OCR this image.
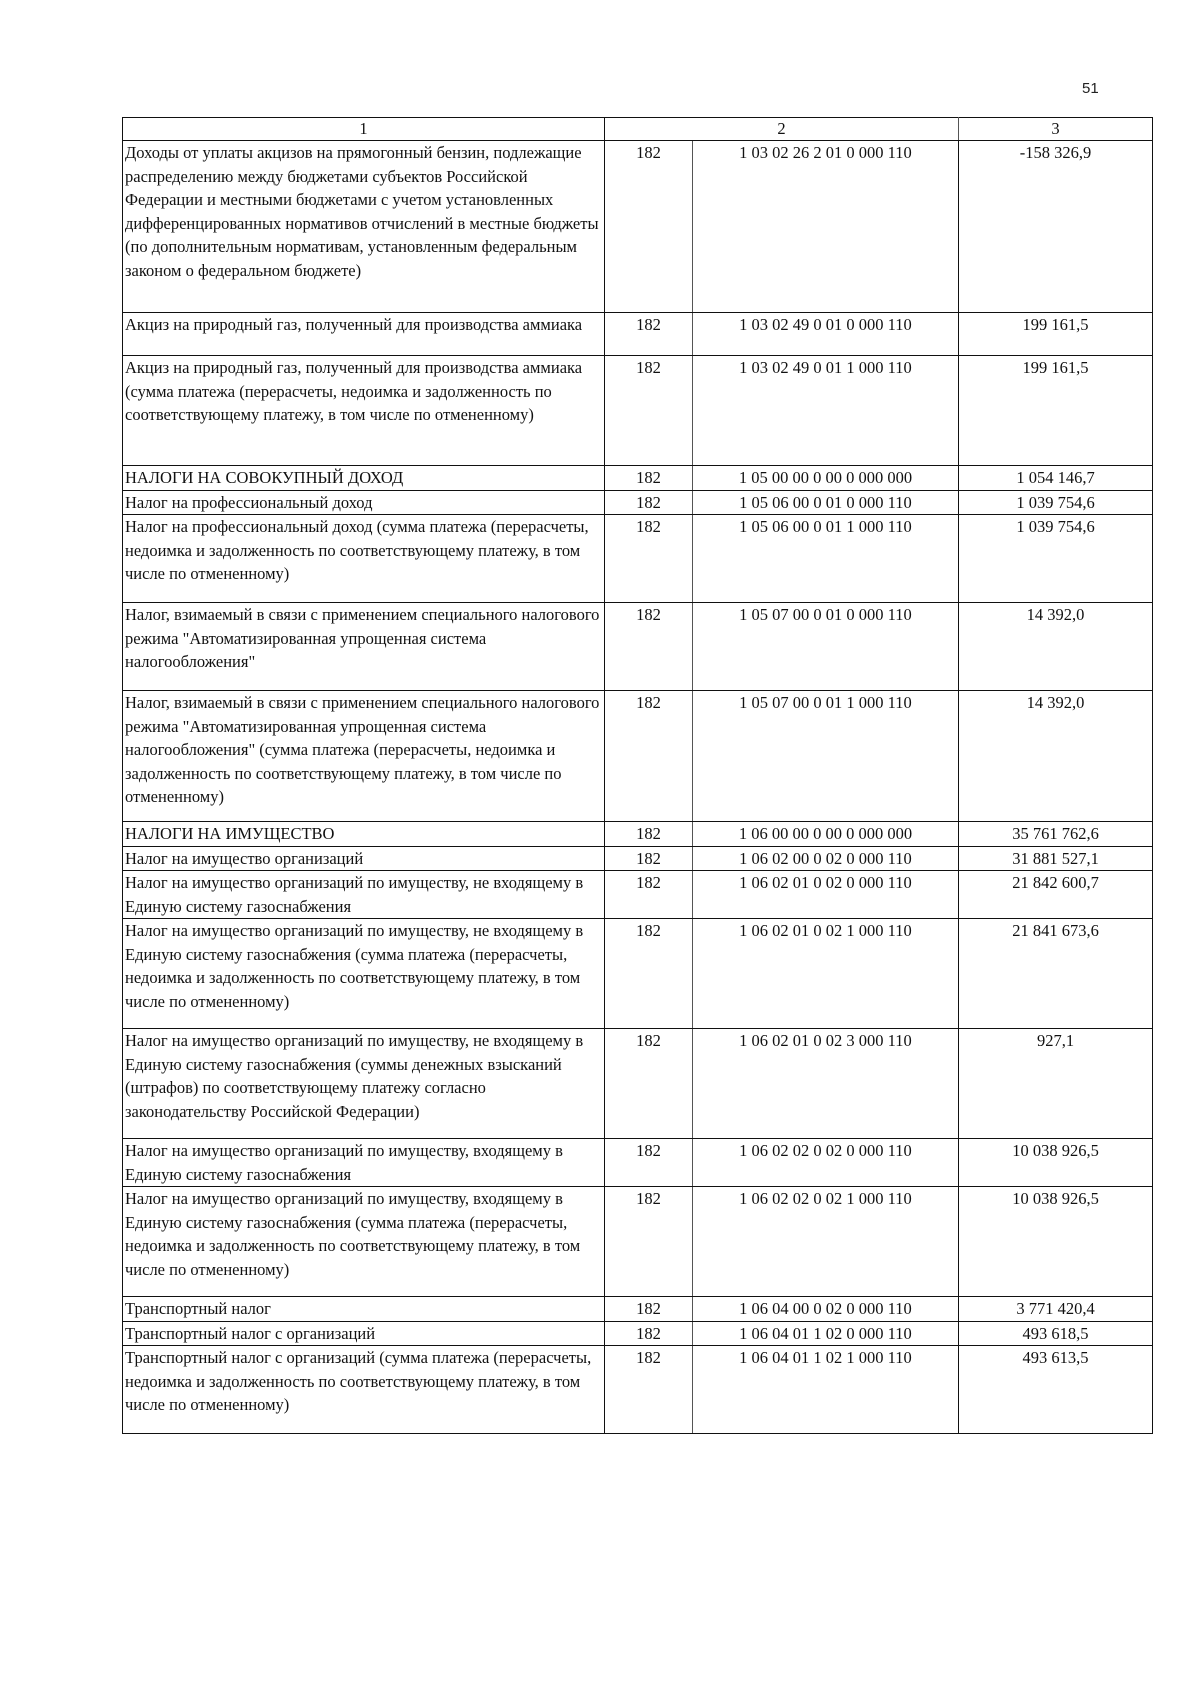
51
1	2		3
Доходы от уплаты акцизов на прямогонный бензин, подлежащие распределению между бюджетами субъектов Российской Федерации и местными бюджетами с учетом установленных дифференцированных нормативов отчислений в местные бюджеты (по дополнительным нормативам, установленным федеральным законом о федеральном бюджете)	182	1 03 02 26 2 01 0 000 110	-158 326,9
Акциз на природный газ, полученный для производства аммиака	182	1 03 02 49 0 01 0 000 110	199 161,5
Акциз на природный газ, полученный для производства аммиака (сумма платежа (перерасчеты, недоимка и задолженность по соответствующему платежу, в том числе по отмененному)	182	1 03 02 49 0 01 1 000 110	199 161,5
НАЛОГИ НА СОВОКУПНЫЙ ДОХОД	182	1 05 00 00 0 00 0 000 000	1 054 146,7
Налог на профессиональный доход	182	1 05 06 00 0 01 0 000 110	1 039 754,6
Налог на профессиональный доход (сумма платежа (перерасчеты, недоимка и задолженность по соответствующему платежу, в том числе по отмененному)	182	1 05 06 00 0 01 1 000 110	1 039 754,6
Налог, взимаемый в связи с применением специального налогового режима "Автоматизированная упрощенная система налогообложения"	182	1 05 07 00 0 01 0 000 110	14 392,0
Налог, взимаемый в связи с применением специального налогового режима "Автоматизированная упрощенная система налогообложения" (сумма платежа (перерасчеты, недоимка и задолженность по соответствующему платежу, в том числе по отмененному)	182	1 05 07 00 0 01 1 000 110	14 392,0
НАЛОГИ НА ИМУЩЕСТВО	182	1 06 00 00 0 00 0 000 000	35 761 762,6
Налог на имущество организаций	182	1 06 02 00 0 02 0 000 110	31 881 527,1
Налог на имущество организаций по имуществу, не входящему в Единую систему газоснабжения	182	1 06 02 01 0 02 0 000 110	21 842 600,7
Налог на имущество организаций по имуществу, не входящему в Единую систему газоснабжения (сумма платежа (перерасчеты, недоимка и задолженность по соответствующему платежу, в том числе по отмененному)	182	1 06 02 01 0 02 1 000 110	21 841 673,6
Налог на имущество организаций по имуществу, не входящему в Единую систему газоснабжения (суммы денежных взысканий (штрафов) по соответствующему платежу согласно законодательству Российской Федерации)	182	1 06 02 01 0 02 3 000 110	927,1
Налог на имущество организаций по имуществу, входящему в Единую систему газоснабжения	182	1 06 02 02 0 02 0 000 110	10 038 926,5
Налог на имущество организаций по имуществу, входящему в Единую систему газоснабжения (сумма платежа (перерасчеты, недоимка и задолженность по соответствующему платежу, в том числе по отмененному)	182	1 06 02 02 0 02 1 000 110	10 038 926,5
Транспортный налог	182	1 06 04 00 0 02 0 000 110	3 771 420,4
Транспортный налог с организаций	182	1 06 04 01 1 02 0 000 110	493 618,5
Транспортный налог с организаций (сумма платежа (перерасчеты, недоимка и задолженность по соответствующему платежу, в том числе по отмененному)	182	1 06 04 01 1 02 1 000 110	493 613,5
